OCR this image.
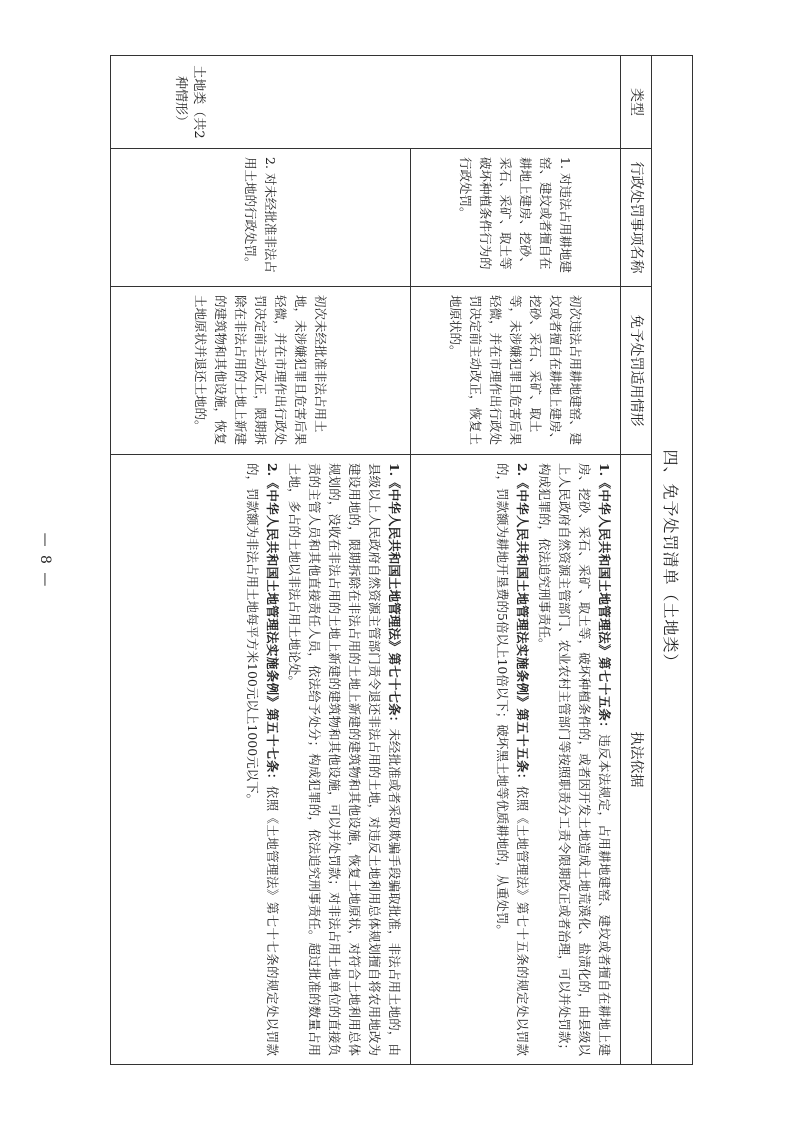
四、免予处罚清单（土地类）
类型
行政处罚事项名称
免予处罚适用情形
执法依据
土地类（共2种情形）
1. 对违法占用耕地建窑、建坟或者擅自在耕地上建房、挖砂、采石、采矿、取土等破坏种植条件行为的行政处罚。
初次违法占用耕地建窑、建坟或者擅自在耕地上建房、挖砂、采石、采矿、取土等，未涉嫌犯罪且危害后果轻微，并在市理作出行政处罚决定前主动改正，恢复土地原状的。

1.《中华人民共和国土地管理法》第七十五条：违反本法规定，占用耕地建窑、建坟或者擅自在耕地上建房、挖砂、采石、采矿、取土等，破坏种植条件的，或者因开发土地造成土地荒漠化、盐渍化的，由县级以上人民政府自然资源主管部门、农业农村主管部门等按照职责分工责令限期改正或者治理，可以并处罚款；构成犯罪的，依法追究刑事责任。

2.《中华人民共和国土地管理法实施条例》第五十五条：依照《土地管理法》第七十五条的规定处以罚款的，罚款额为耕地开垦费的5倍以上10倍以下；破坏黑土地等优质耕地的，从重处罚。

2. 对未经批准非法占用土地的行政处罚。
初次未经批准非法占用土地，未涉嫌犯罪且危害后果轻微，并在市理作出行政处罚决定前主动改正，限期拆除在非法占用的土地上新建的建筑物和其他设施，恢复土地原状并退还土地的。

1.《中华人民共和国土地管理法》第七十七条：未经批准或者采取欺骗手段骗取批准，非法占用土地的，由县级以上人民政府自然资源主管部门责令退还非法占用的土地，对违反土地利用总体规划擅自将农用地改为建设用地的，限期拆除在非法占用的土地上新建的建筑物和其他设施，恢复土地原状，对符合土地利用总体规划的，没收在非法占用的土地上新建的建筑物和其他设施，可以并处罚款；对非法占用土地单位的直接负责的主管人员和其他直接责任人员，依法给予处分；构成犯罪的，依法追究刑事责任。超过批准的数量占用土地，多占的土地以非法占用土地论处。

2.《中华人民共和国土地管理法实施条例》第五十七条：依照《土地管理法》第七十七条的规定处以罚款的，罚款额为非法占用土地每平方米100元以上1000元以下。

— 8 —
